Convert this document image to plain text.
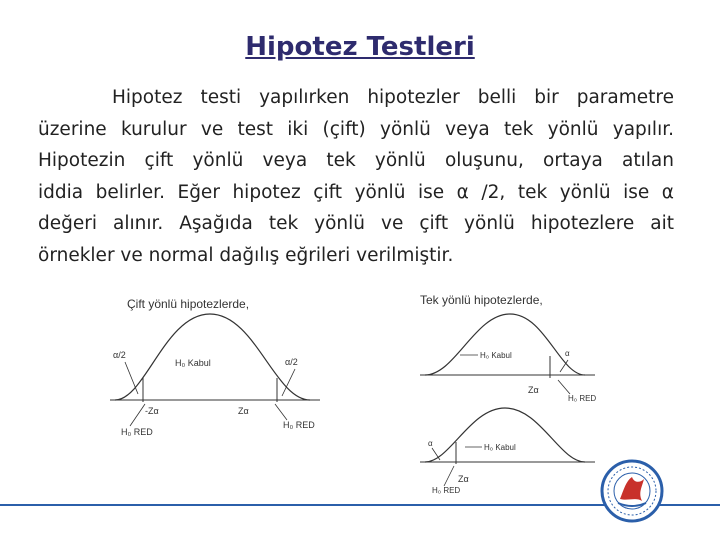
Hipotez Testleri
Hipotez testi yapılırken hipotezler belli bir parametre
üzerine kurulur ve test iki (çift) yönlü veya tek yönlü yapılır.
Hipotezin çift yönlü veya tek yönlü oluşunu, ortaya atılan
iddia belirler. Eğer hipotez çift yönlü ise α /2, tek yönlü ise α
değeri alınır. Aşağıda tek yönlü ve çift yönlü hipotezlere ait
örnekler ve normal dağılış eğrileri verilmiştir.
Çift yönlü hipotezlerde,
H₀ Kabul
α/2
α/2
-Zα	Zα
H₀ RED
H₀ RED
Tek yönlü hipotezlerde,
H₀ Kabul	α
Zα
H₀ RED
H₀ Kabul
α
Zα
H₀ RED
